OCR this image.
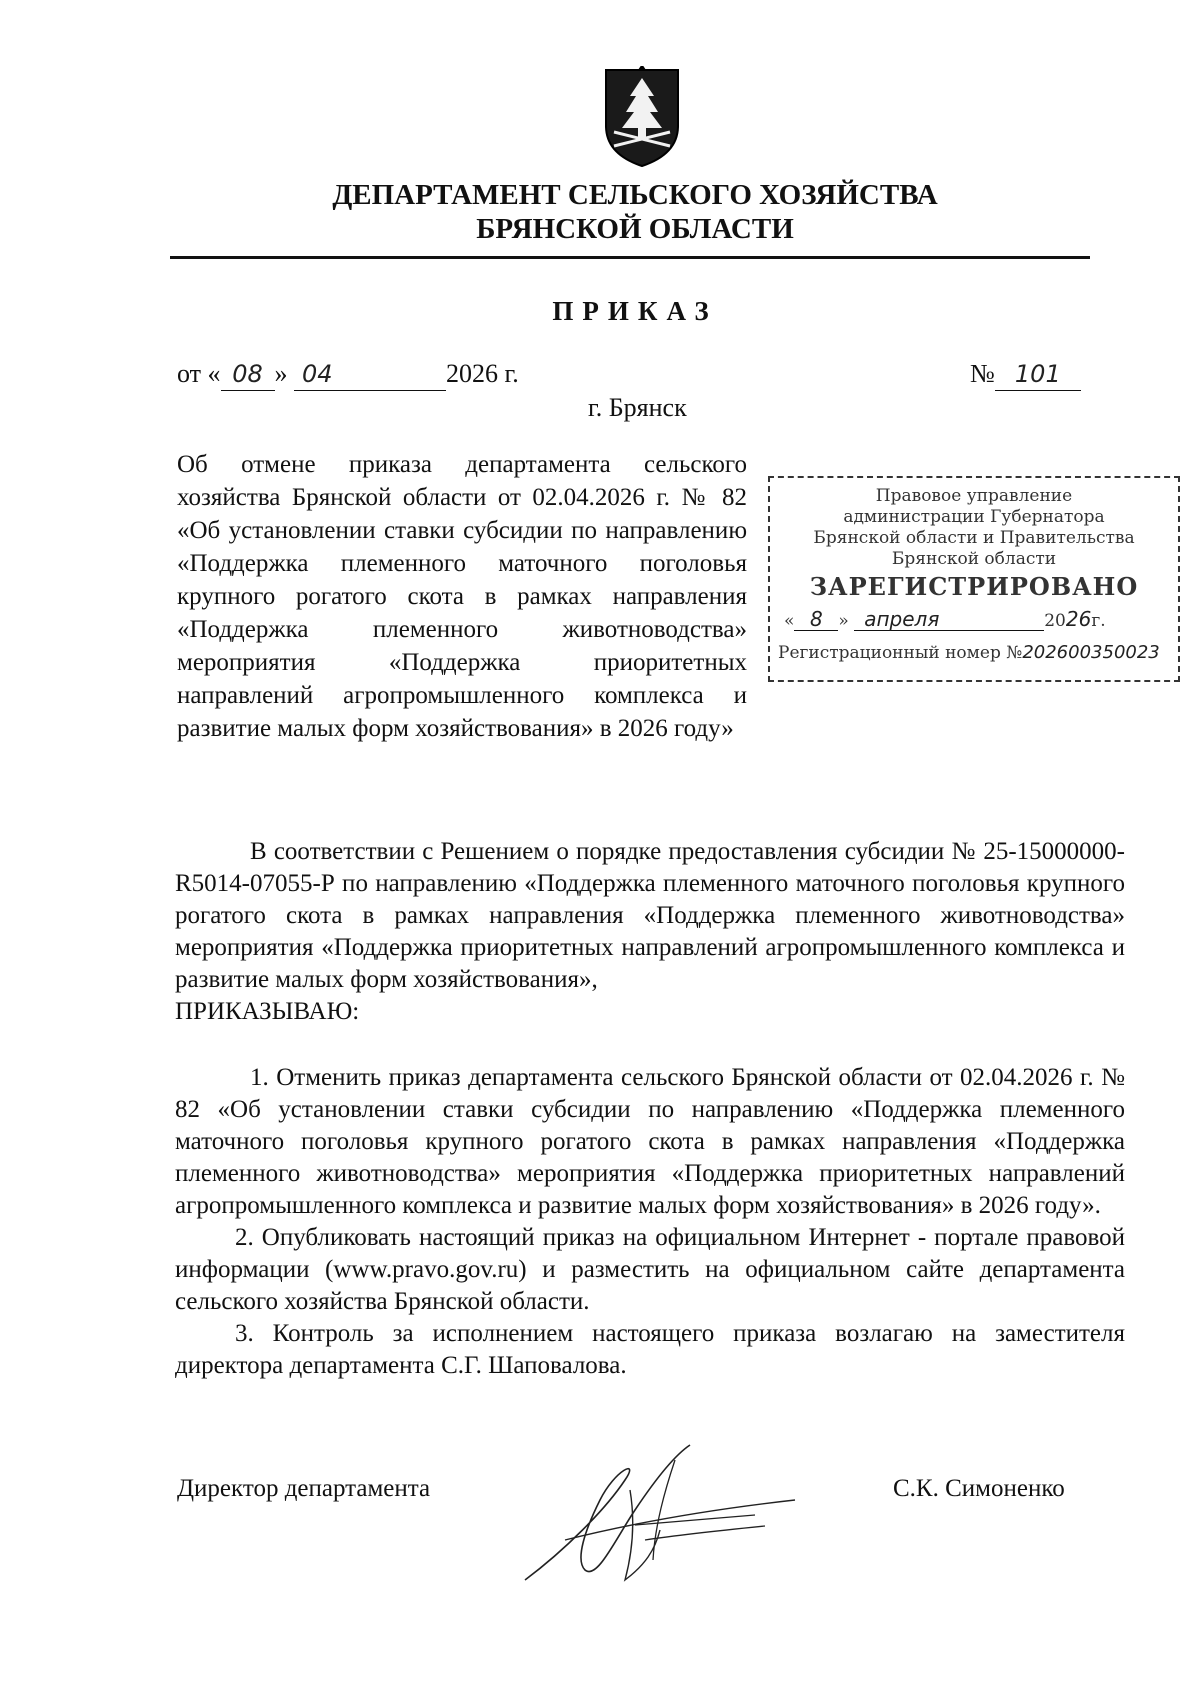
ДЕПАРТАМЕНТ СЕЛЬСКОГО ХОЗЯЙСТВА
БРЯНСКОЙ ОБЛАСТИ
ПРИКАЗ
от « 08 » 04	2026 г.	№ 101
г. Брянск
Об отмене приказа департамента сельского хозяйства Брянской области от 02.04.2026 г. № 82 «Об установлении ставки субсидии по направлению «Поддержка племенного маточного поголовья крупного рогатого скота в рамках направления «Поддержка племенного животноводства» мероприятия «Поддержка приоритетных направлений агропромышленного комплекса и развитие малых форм хозяйствования» в 2026 году»
Правовое управление
администрации Губернатора
Брянской области и Правительства
Брянской области
ЗАРЕГИСТРИРОВАНО
« 8 » апреля	2026г.
Регистрационный номер №202600350023

В соответствии с Решением о порядке предоставления субсидии № 25-15000000-R5014-07055-Р по направлению «Поддержка племенного маточного поголовья крупного рогатого скота в рамках направления «Поддержка племенного животноводства» мероприятия «Поддержка приоритетных направлений агропромышленного комплекса и развитие малых форм хозяйствования»,

ПРИКАЗЫВАЮ:

1. Отменить приказ департамента сельского Брянской области от 02.04.2026 г. № 82 «Об установлении ставки субсидии по направлению «Поддержка племенного маточного поголовья крупного рогатого скота в рамках направления «Поддержка племенного животноводства» мероприятия «Поддержка приоритетных направлений агропромышленного комплекса и развитие малых форм хозяйствования» в 2026 году».

2. Опубликовать настоящий приказ на официальном Интернет - портале правовой информации (www.pravo.gov.ru) и разместить на официальном сайте департамента сельского хозяйства Брянской области.

3. Контроль за исполнением настоящего приказа возлагаю на заместителя директора департамента С.Г. Шаповалова.

Директор департамента	С.К. Симоненко
